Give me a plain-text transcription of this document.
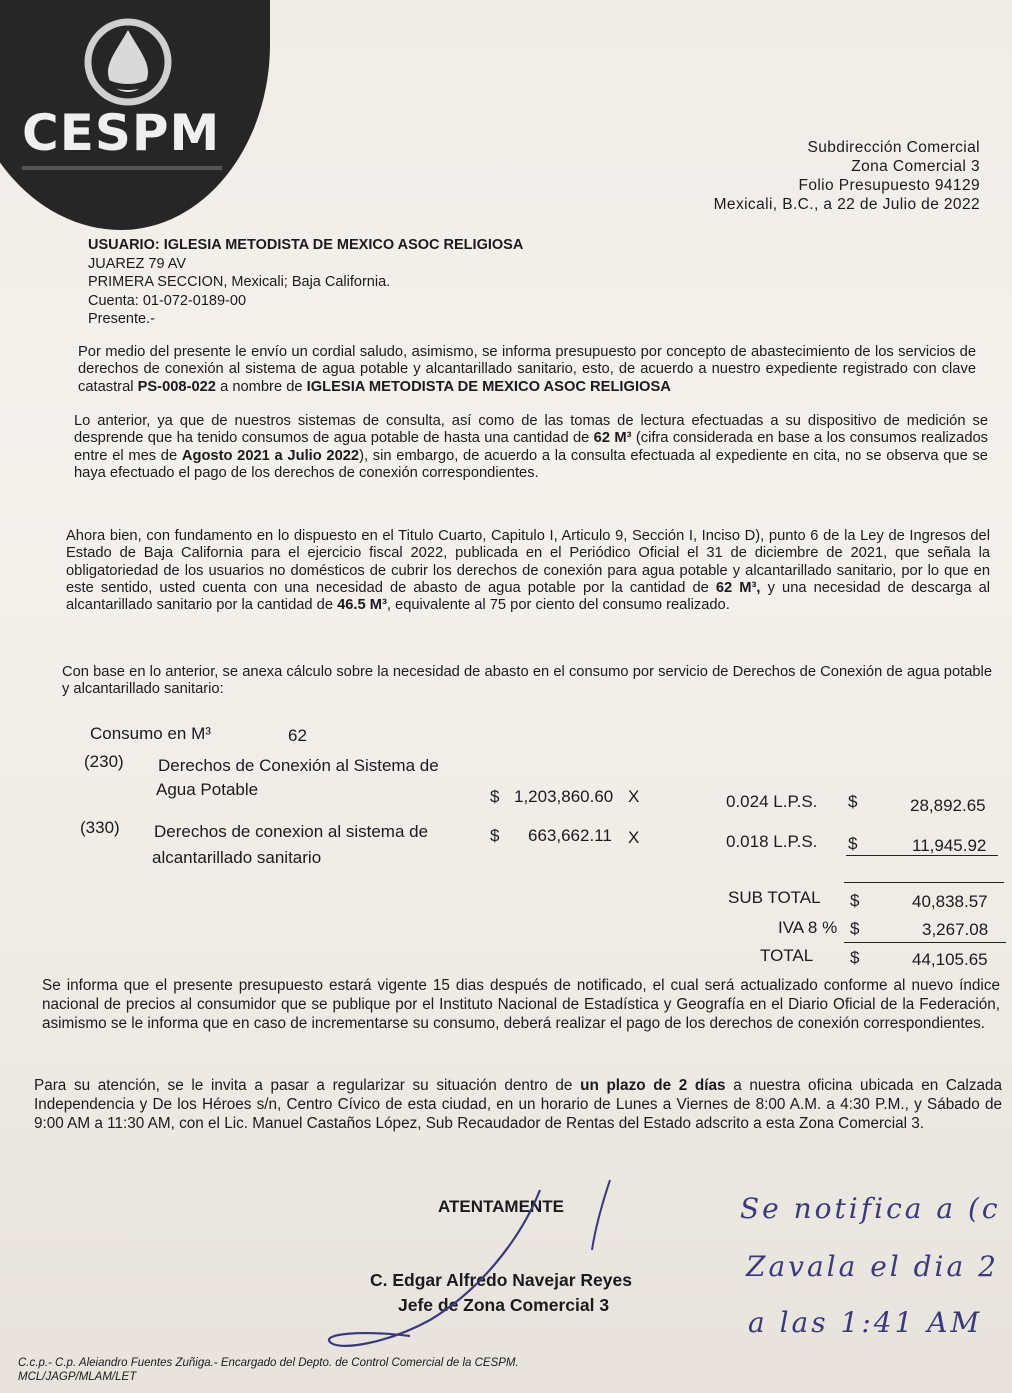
CESPM	Subdirección Comercial
Zona Comercial 3
Folio Presupuesto 94129
Mexicali, B.C., a 22 de Julio de 2022
USUARIO: IGLESIA METODISTA DE MEXICO ASOC RELIGIOSA
JUAREZ 79 AV
PRIMERA SECCION, Mexicali; Baja California.
Cuenta: 01-072-0189-00
Presente.-
Por medio del presente le envío un cordial saludo, asimismo, se informa presupuesto por concepto de abastecimiento de los servicios de derechos de conexión al sistema de agua potable y alcantarillado sanitario, esto, de acuerdo a nuestro expediente registrado con clave catastral PS-008-022 a nombre de IGLESIA METODISTA DE MEXICO ASOC RELIGIOSA
Lo anterior, ya que de nuestros sistemas de consulta, así como de las tomas de lectura efectuadas a su dispositivo de medición se desprende que ha tenido consumos de agua potable de hasta una cantidad de 62 M³ (cifra considerada en base a los consumos realizados entre el mes de Agosto 2021 a Julio 2022), sin embargo, de acuerdo a la consulta efectuada al expediente en cita, no se observa que se haya efectuado el pago de los derechos de conexión correspondientes.
Ahora bien, con fundamento en lo dispuesto en el Titulo Cuarto, Capitulo I, Articulo 9, Sección I, Inciso D), punto 6 de la Ley de Ingresos del Estado de Baja California para el ejercicio fiscal 2022, publicada en el Periódico Oficial el 31 de diciembre de 2021, que señala la obligatoriedad de los usuarios no domésticos de cubrir los derechos de conexión para agua potable y alcantarillado sanitario, por lo que en este sentido, usted cuenta con una necesidad de abasto de agua potable por la cantidad de 62 M³, y una necesidad de descarga al alcantarillado sanitario por la cantidad de 46.5 M³, equivalente al 75 por ciento del consumo realizado.
Con base en lo anterior, se anexa cálculo sobre la necesidad de abasto en el consumo por servicio de Derechos de Conexión de agua potable y alcantarillado sanitario:
Consumo en M³	62
(230) Derechos de Conexión al Sistema de
Agua Potable	$ 1,203,860.60 X	0.024 L.P.S. $	28,892.65
(330) Derechos de conexion al sistema de
alcantarillado sanitario
$ 663,662.11 X	0.018 L.P.S. $	11,945.92
SUB TOTAL $	40,838.57
IVA 8 % $	3,267.08
TOTAL $	44,105.65
Se informa que el presente presupuesto estará vigente 15 dias después de notificado, el cual será actualizado conforme al nuevo índice nacional de precios al consumidor que se publique por el Instituto Nacional de Estadística y Geografía en el Diario Oficial de la Federación, asimismo se le informa que en caso de incrementarse su consumo, deberá realizar el pago de los derechos de conexión correspondientes.
Para su atención, se le invita a pasar a regularizar su situación dentro de un plazo de 2 días a nuestra oficina ubicada en Calzada Independencia y De los Héroes s/n, Centro Cívico de esta ciudad, en un horario de Lunes a Viernes de 8:00 A.M. a 4:30 P.M., y Sábado de 9:00 AM a 11:30 AM, con el Lic. Manuel Castaños López, Sub Recaudador de Rentas del Estado adscrito a esta Zona Comercial 3.
ATENTAMENTE
C. Edgar Alfredo Navejar Reyes
Jefe de Zona Comercial 3
Se notifica a (c
Zavala el dia 2
a las 1:41 AM
C.c.p.- C.p. Aleiandro Fuentes Zuñiga.- Encargado del Depto. de Control Comercial de la CESPM.
MCL/JAGP/MLAM/LET
